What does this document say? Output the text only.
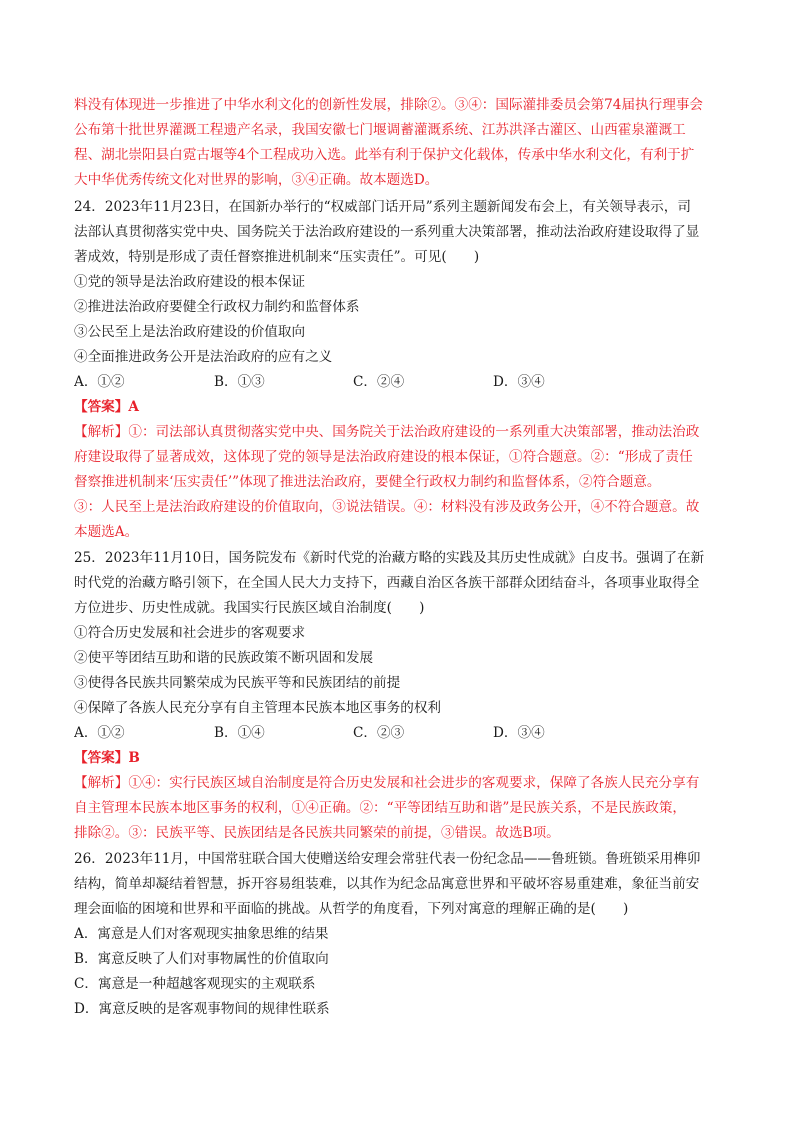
料没有体现进一步推进了中华水利文化的创新性发展，排除②。③④：国际灌排委员会第74届执行理事会
公布第十批世界灌溉工程遗产名录，我国安徽七门堰调蓄灌溉系统、江苏洪泽古灌区、山西霍泉灌溉工
程、湖北崇阳县白霓古堰等4个工程成功入选。此举有利于保护文化载体，传承中华水利文化，有利于扩
大中华优秀传统文化对世界的影响，③④正确。故本题选D。
24．2023年11月23日，在国新办举行的“权威部门话开局”系列主题新闻发布会上，有关领导表示，司
法部认真贯彻落实党中央、国务院关于法治政府建设的一系列重大决策部署，推动法治政府建设取得了显
著成效，特别是形成了责任督察推进机制来“压实责任”。可见(　　)
①党的领导是法治政府建设的根本保证
②推进法治政府要健全行政权力制约和监督体系
③公民至上是法治政府建设的价值取向
④全面推进政务公开是法治政府的应有之义
A．①②	B．①③	C．②④	D．③④
【答案】A
【解析】①：司法部认真贯彻落实党中央、国务院关于法治政府建设的一系列重大决策部署，推动法治政
府建设取得了显著成效，这体现了党的领导是法治政府建设的根本保证，①符合题意。②：“形成了责任
督察推进机制来‘压实责任’”体现了推进法治政府，要健全行政权力制约和监督体系，②符合题意。
③：人民至上是法治政府建设的价值取向，③说法错误。④：材料没有涉及政务公开，④不符合题意。故
本题选A。
25．2023年11月10日，国务院发布《新时代党的治藏方略的实践及其历史性成就》白皮书。强调了在新
时代党的治藏方略引领下，在全国人民大力支持下，西藏自治区各族干部群众团结奋斗，各项事业取得全
方位进步、历史性成就。我国实行民族区域自治制度(　　)
①符合历史发展和社会进步的客观要求
②使平等团结互助和谐的民族政策不断巩固和发展
③使得各民族共同繁荣成为民族平等和民族团结的前提
④保障了各族人民充分享有自主管理本民族本地区事务的权利
A．①②	B．①④	C．②③	D．③④
【答案】B
【解析】①④：实行民族区域自治制度是符合历史发展和社会进步的客观要求，保障了各族人民充分享有
自主管理本民族本地区事务的权利，①④正确。②：“平等团结互助和谐”是民族关系，不是民族政策，
排除②。③：民族平等、民族团结是各民族共同繁荣的前提，③错误。故选B项。
26．2023年11月，中国常驻联合国大使赠送给安理会常驻代表一份纪念品——鲁班锁。鲁班锁采用榫卯
结构，简单却凝结着智慧，拆开容易组装难，以其作为纪念品寓意世界和平破坏容易重建难，象征当前安
理会面临的困境和世界和平面临的挑战。从哲学的角度看，下列对寓意的理解正确的是(　　)
A．寓意是人们对客观现实抽象思维的结果
B．寓意反映了人们对事物属性的价值取向
C．寓意是一种超越客观现实的主观联系
D．寓意反映的是客观事物间的规律性联系
